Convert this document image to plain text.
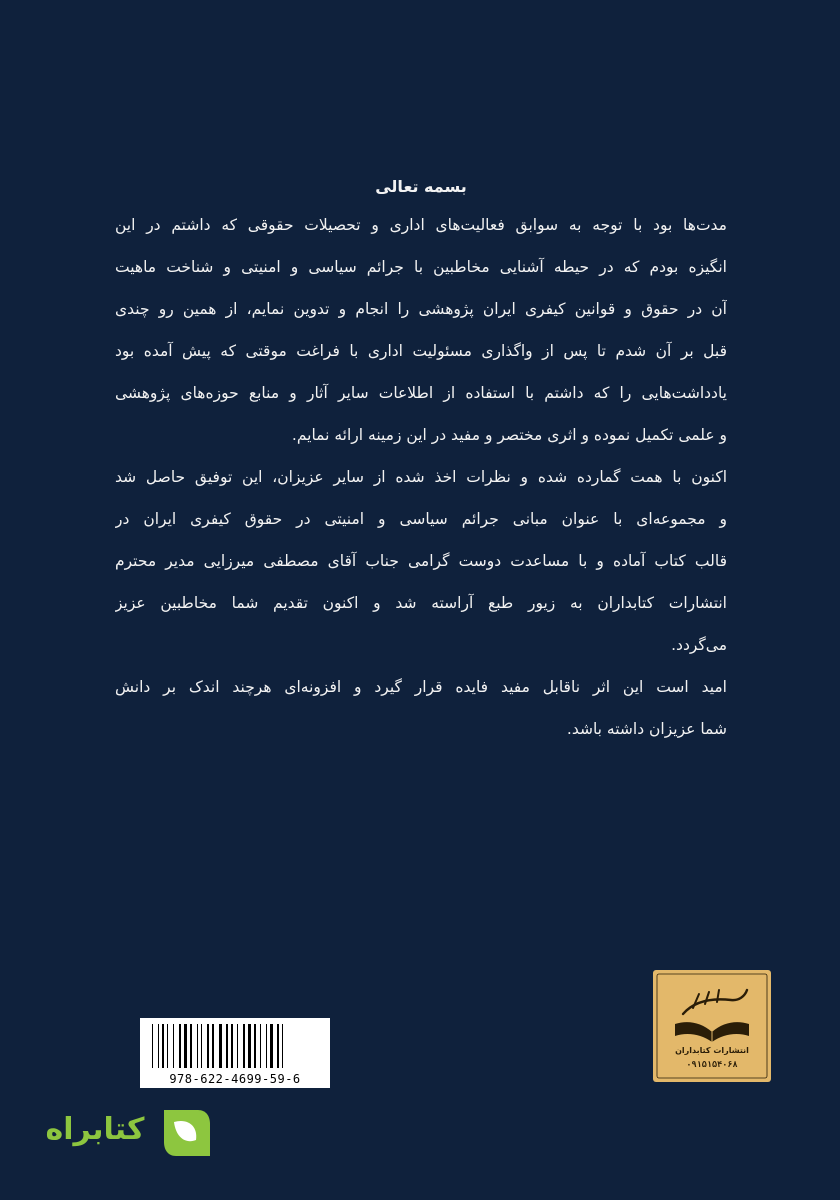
بسمه تعالی
مدت‌ها بود با توجه به سوابق فعالیت‌های اداری و تحصیلات حقوقی که داشتم در این
انگیزه بودم که در حیطه آشنایی مخاطبین با جرائم سیاسی و امنیتی و شناخت ماهیت
آن در حقوق و قوانین کیفری ایران پژوهشی را انجام و تدوین نمایم، از همین رو چندی
قبل بر آن شدم تا پس از واگذاری مسئولیت اداری با فراغت موقتی که پیش آمده بود
یادداشت‌هایی را که داشتم با استفاده از اطلاعات سایر آثار و منابع حوزه‌های پژوهشی
و علمی تکمیل نموده و اثری مختصر و مفید در این زمینه ارائه نمایم.
اکنون با همت گمارده شده و نظرات اخذ شده از سایر عزیزان، این توفیق حاصل شد
و مجموعه‌ای با عنوان مبانی جرائم سیاسی و امنیتی در حقوق کیفری ایران در
قالب کتاب آماده و با مساعدت دوست گرامی جناب آقای مصطفی میرزایی مدیر محترم
انتشارات کتابداران به زیور طبع آراسته شد و اکنون تقدیم شما مخاطبین عزیز
می‌گردد.
امید است این اثر ناقابل مفید فایده قرار گیرد و افزونه‌ای هرچند اندک بر دانش
شما عزیزان داشته باشد.
978-622-4699-59-6
انتشارات کتابداران
۰۹۱۵۱۵۴۰۶۸
کتابراه
